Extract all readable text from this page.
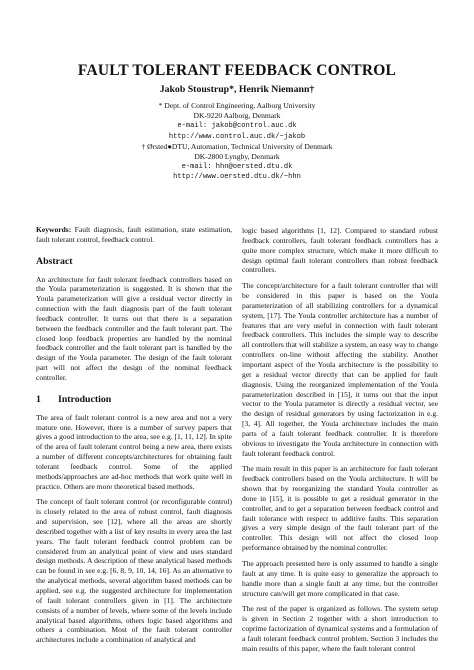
FAULT TOLERANT FEEDBACK CONTROL
Jakob Stoustrup*, Henrik Niemann†
* Dept. of Control Engineering, Aalborg University
DK-9220 Aalborg, Denmark
e-mail: jakob@control.auc.dk
http://www.control.auc.dk/~jakob
† Ørsted●DTU, Automation, Technical University of Denmark
DK-2800 Lyngby, Denmark
e-mail: hhn@oersted.dtu.dk
http://www.oersted.dtu.dk/~hhn

Keywords: Fault diagnosis, fault estimation, state estimation, fault tolerant control, feedback control.

Abstract

An architecture for fault tolerant feedback controllers based on the Youla parameterization is suggested. It is shown that the Youla parameterization will give a residual vector directly in connection with the fault diagnosis part of the fault tolerant feedback controller. It turns out that there is a separation between the feedback controller and the fault tolerant part. The closed loop feedback properties are handled by the nominal feedback controller and the fault tolerant part is handled by the design of the Youla parameter. The design of the fault tolerant part will not affect the design of the nominal feedback controller.

1 Introduction

The area of fault tolerant control is a new area and not a very mature one. However, there is a number of survey papers that gives a good introduction to the area, see e.g. [1, 11, 12]. In spite of the area of fault tolerant control being a new area, there exists a number of different concepts/architectures for obtaining fault tolerant feedback control. Some of the applied methods/approaches are ad-hoc methods that work quite well in practice. Others are more theoretical based methods.

The concept of fault tolerant control (or reconfigurable control) is closely related to the area of robust control, fault diagnosis and supervision, see [12], where all the areas are shortly described together with a list of key results in every area the last years. The fault tolerant feedback control problem can be considered from an analytical point of view and uses standard design methods. A description of these analytical based methods can be found in see e.g. [6, 8, 9, 10, 14, 16]. As an alternative to the analytical methods, several algorithm based methods can be applied, see e.g. the suggested architecture for implementation of fault tolerant controllers given in [1]. The architecture consists of a number of levels, where some of the levels include analytical based algorithms, others logic based algorithms and others a combination. Most of the fault tolerant controller architectures include a combination of analytical and

logic based algorithms [1, 12]. Compared to standard robust feedback controllers, fault tolerant feedback controllers has a quite more complex structure, which make it more difficult to design optimal fault tolerant controllers than robust feedback controllers.

The concept/architecture for a fault tolerant controller that will be considered in this paper is based on the Youla parameterization of all stabilizing controllers for a dynamical system, [17]. The Youla controller architecture has a number of features that are very useful in connection with fault tolerant feedback controllers. This includes the simple way to describe all controllers that will stabilize a system, an easy way to change controllers on-line without affecting the stability. Another important aspect of the Youla architecture is the possibility to get a residual vector directly that can be applied for fault diagnosis. Using the reorganized implementation of the Youla parameterization described in [15], it turns out that the input vector to the Youla parameter is directly a residual vector, see the design of residual generators by using factorization in e.g. [3, 4]. All together, the Youla architecture includes the main parts of a fault tolerant feedback controller. It is therefore obvious to investigate the Youla architecture in connection with fault tolerant feedback control.

The main result in this paper is an architecture for fault tolerant feedback controllers based on the Youla architecture. It will be shown that by reorganizing the standard Youla controller as done in [15], it is possible to get a residual generator in the controller, and to get a separation between feedback control and fault tolerance with respect to additive faults. This separation gives a very simple design of the fault tolerant part of the controller. This design will not affect the closed loop performance obtained by the nominal controller.

The approach presented here is only assumed to handle a single fault at any time. It is quite easy to generalize the approach to handle more than a single fault at any time, but the controller structure can/will get more complicated in that case.

The rest of the paper is organized as follows. The system setup is given in Section 2 together with a short introduction to coprime factorization of dynamical systems and a formulation of a fault tolerant feedback control problem. Section 3 includes the main results of this paper, where the fault tolerant control
